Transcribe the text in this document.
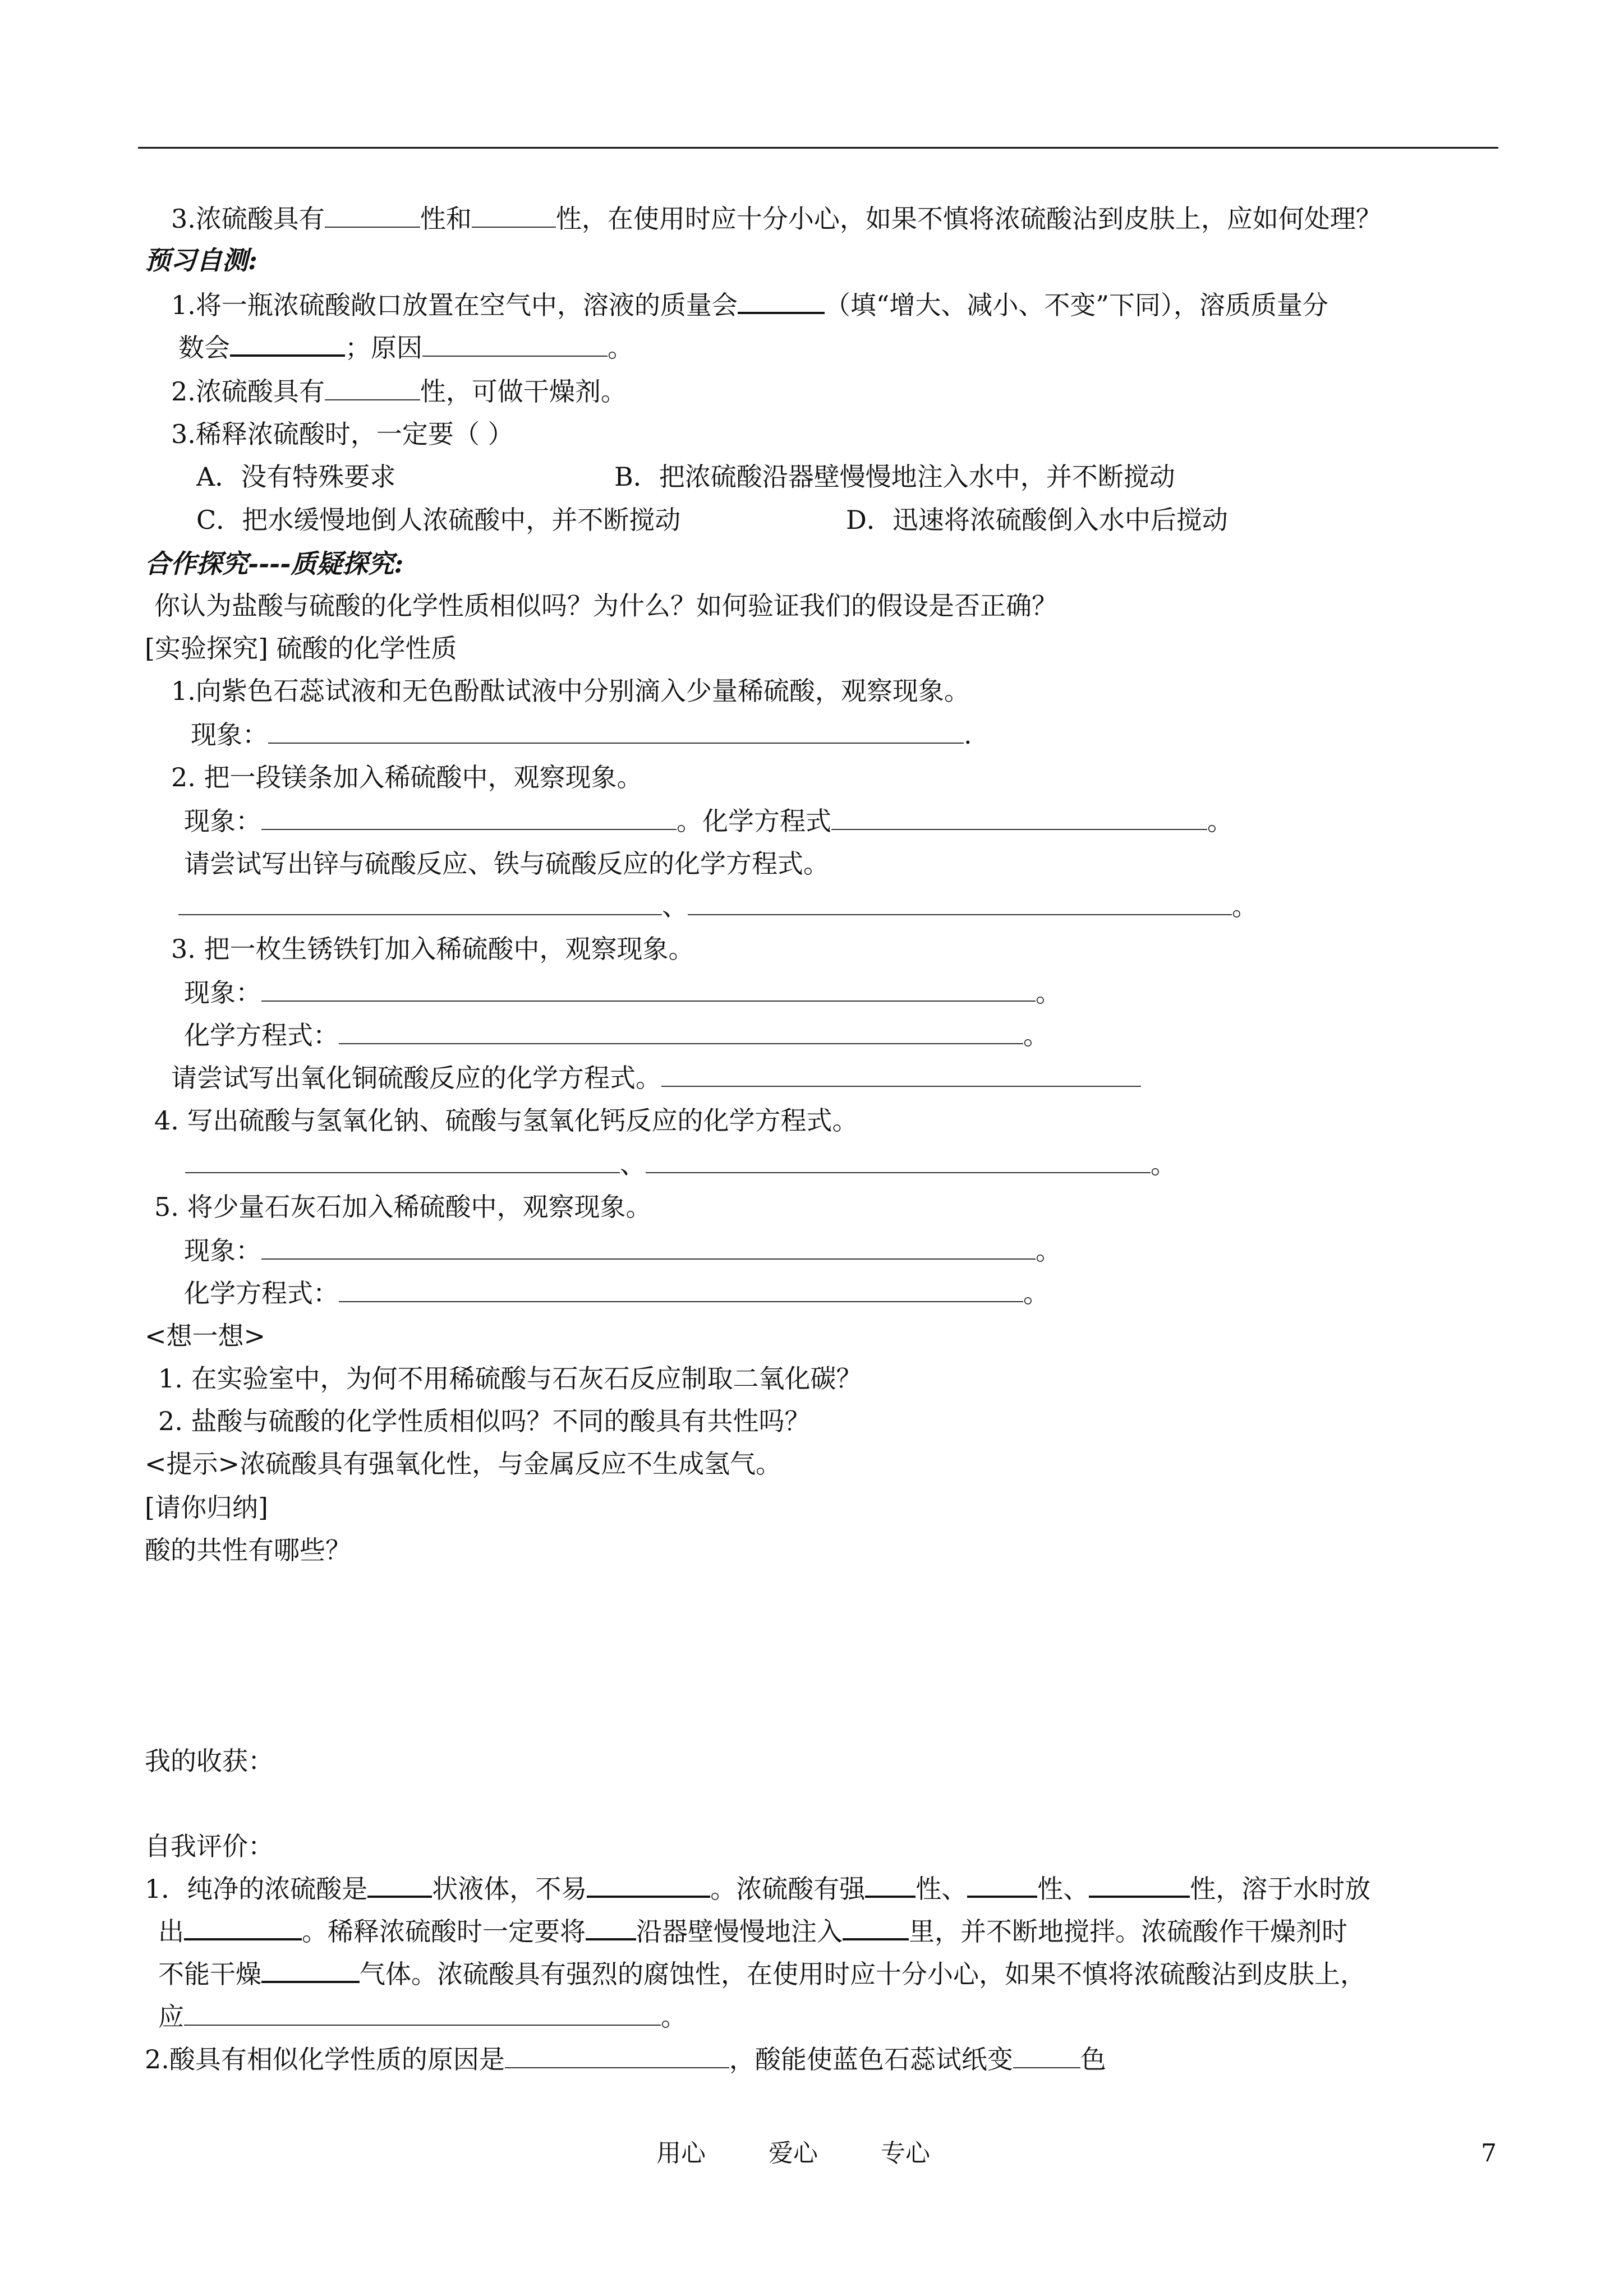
3.浓硫酸具有	性和	性，在使用时应十分小心，如果不慎将浓硫酸沾到皮肤上，应如何处理？
预习自测:
1.将一瓶浓硫酸敞口放置在空气中，溶液的质量会	（填“增大、减小、不变”下同），溶质质量分
数会	；原因	。
2.浓硫酸具有	性，可做干燥剂。
3.稀释浓硫酸时，一定要（ ）
A．没有特殊要求	B．把浓硫酸沿器壁慢慢地注入水中，并不断搅动
C．把水缓慢地倒人浓硫酸中，并不断搅动	D．迅速将浓硫酸倒入水中后搅动
合作探究----质疑探究:
你认为盐酸与硫酸的化学性质相似吗？为什么？如何验证我们的假设是否正确？
[实验探究] 硫酸的化学性质
1.向紫色石蕊试液和无色酚酞试液中分别滴入少量稀硫酸，观察现象。
现象：	.
2. 把一段镁条加入稀硫酸中，观察现象。
现象：	。化学方程式	。
请尝试写出锌与硫酸反应、铁与硫酸反应的化学方程式。
、	。
3. 把一枚生锈铁钉加入稀硫酸中，观察现象。
现象：	。
化学方程式：	。
请尝试写出氧化铜硫酸反应的化学方程式。
4. 写出硫酸与氢氧化钠、硫酸与氢氧化钙反应的化学方程式。
、	。
5. 将少量石灰石加入稀硫酸中，观察现象。
现象：	。
化学方程式：	。
<想一想>
1. 在实验室中，为何不用稀硫酸与石灰石反应制取二氧化碳？
2. 盐酸与硫酸的化学性质相似吗？不同的酸具有共性吗？
<提示>浓硫酸具有强氧化性，与金属反应不生成氢气。
[请你归纳]
酸的共性有哪些？
我的收获：
自我评价：
1．纯净的浓硫酸是	状液体，不易	。浓硫酸有强 性、	性、	性，溶于水时放
出	。稀释浓硫酸时一定要将 沿器壁慢慢地注入	里，并不断地搅拌。浓硫酸作干燥剂时
不能干燥	气体。浓硫酸具有强烈的腐蚀性，在使用时应十分小心，如果不慎将浓硫酸沾到皮肤上，
应	。
2.酸具有相似化学性质的原因是	，酸能使蓝色石蕊试纸变	色
用心	爱心	专心	7
